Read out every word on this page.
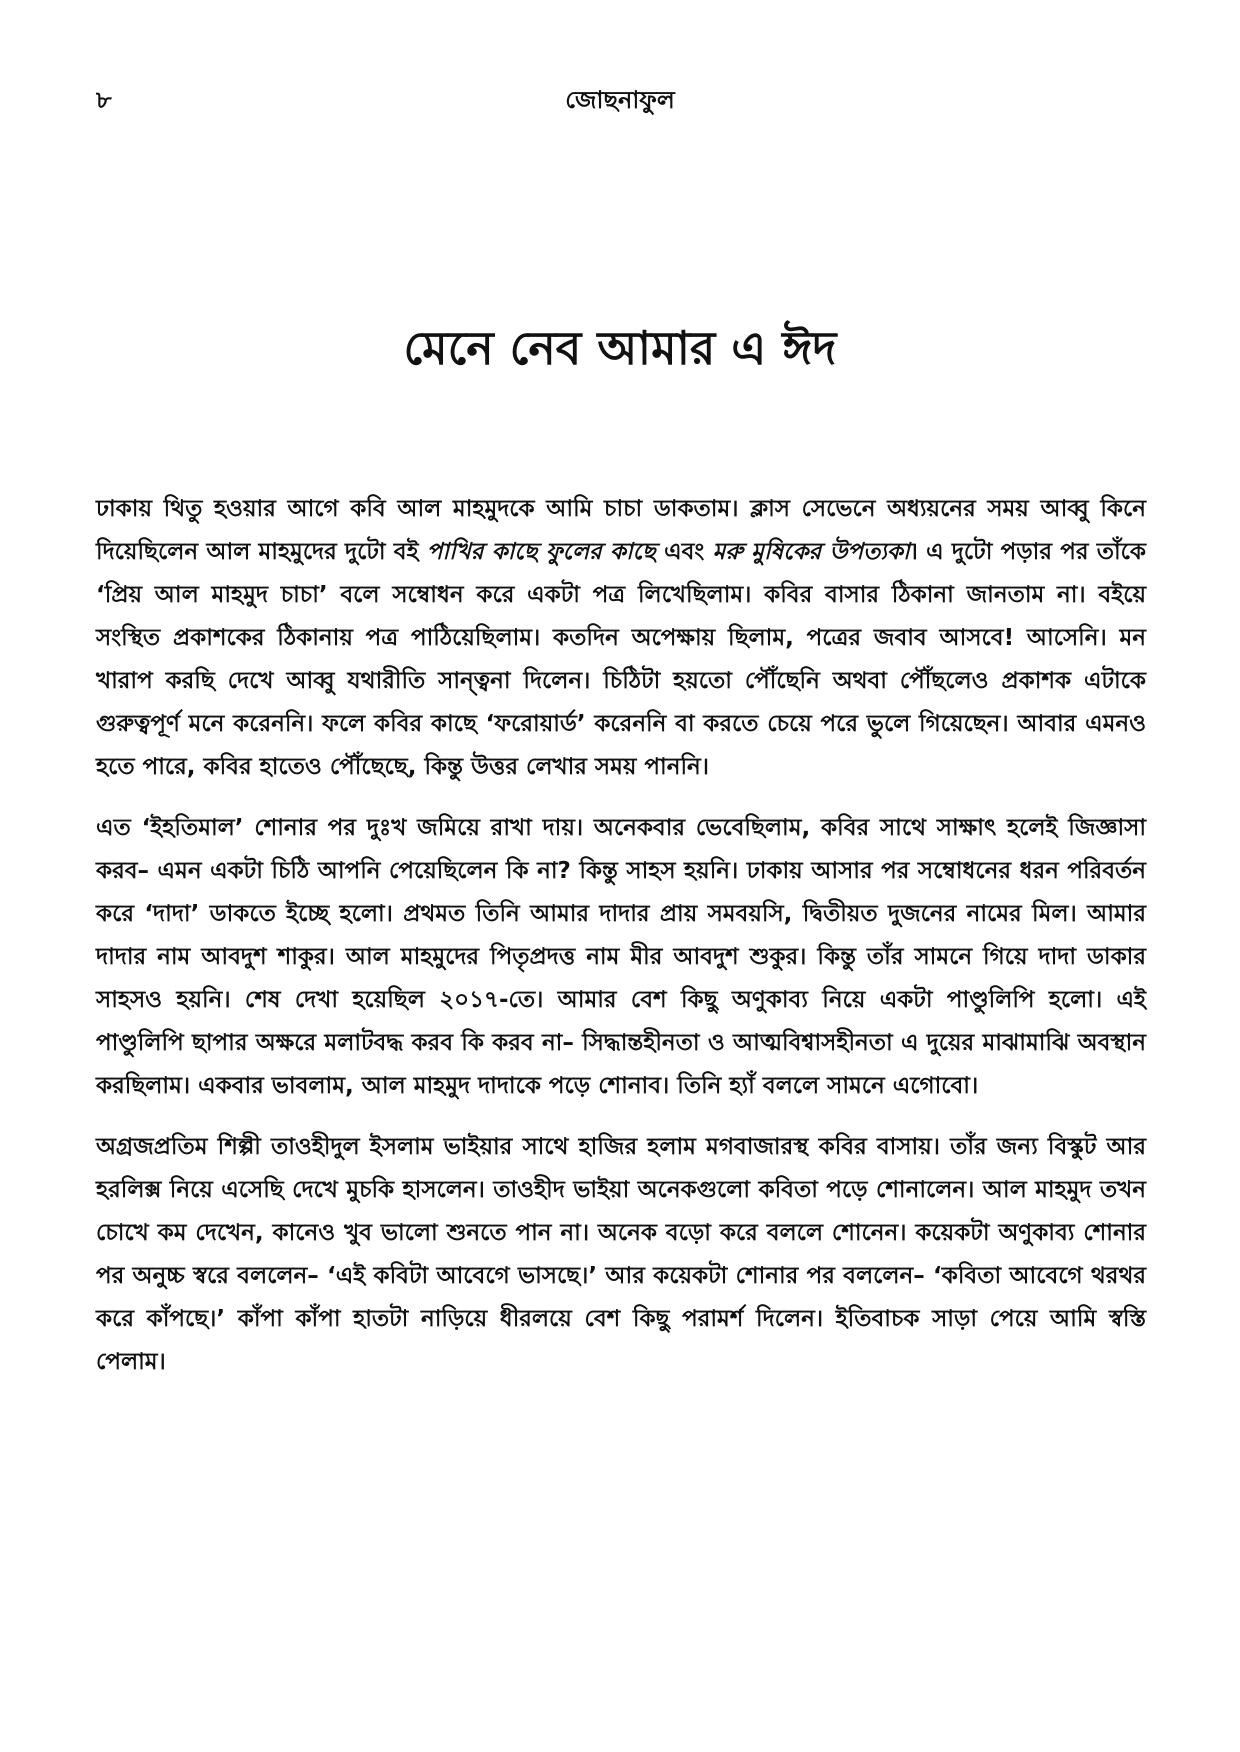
৮	জোছনাফুল
মেনে নেব আমার এ ঈদ

ঢাকায় থিতু হওয়ার আগে কবি আল মাহমুদকে আমি চাচা ডাকতাম। ক্লাস সেভেনে অধ্যয়নের সময় আব্বু কিনে দিয়েছিলেন আল মাহমুদের দুটো বই পাখির কাছে ফুলের কাছে এবং মরু মুষিকের উপত্যকা। এ দুটো পড়ার পর তাঁকে ‘প্রিয় আল মাহমুদ চাচা’ বলে সম্বোধন করে একটা পত্র লিখেছিলাম। কবির বাসার ঠিকানা জানতাম না। বইয়ে সংস্থিত প্রকাশকের ঠিকানায় পত্র পাঠিয়েছিলাম। কতদিন অপেক্ষায় ছিলাম, পত্রের জবাব আসবে! আসেনি। মন খারাপ করছি দেখে আব্বু যথারীতি সান্ত্বনা দিলেন। চিঠিটা হয়তো পৌঁছেনি অথবা পৌঁছলেও প্রকাশক এটাকে গুরুত্বপূর্ণ মনে করেননি। ফলে কবির কাছে ‘ফরোয়ার্ড’ করেননি বা করতে চেয়ে পরে ভুলে গিয়েছেন। আবার এমনও হতে পারে, কবির হাতেও পৌঁছেছে, কিন্তু উত্তর লেখার সময় পাননি।

এত ‘ইহতিমাল’ শোনার পর দুঃখ জমিয়ে রাখা দায়। অনেকবার ভেবেছিলাম, কবির সাথে সাক্ষাৎ হলেই জিজ্ঞাসা করব– এমন একটা চিঠি আপনি পেয়েছিলেন কি না? কিন্তু সাহস হয়নি। ঢাকায় আসার পর সম্বোধনের ধরন পরিবর্তন করে ‘দাদা’ ডাকতে ইচ্ছে হলো। প্রথমত তিনি আমার দাদার প্রায় সমবয়সি, দ্বিতীয়ত দুজনের নামের মিল। আমার দাদার নাম আবদুশ শাকুর। আল মাহমুদের পিতৃপ্রদত্ত নাম মীর আবদুশ শুকুর। কিন্তু তাঁর সামনে গিয়ে দাদা ডাকার সাহসও হয়নি। শেষ দেখা হয়েছিল ২০১৭-তে। আমার বেশ কিছু অণুকাব্য নিয়ে একটা পাণ্ডুলিপি হলো। এই পাণ্ডুলিপি ছাপার অক্ষরে মলাটবদ্ধ করব কি করব না– সিদ্ধান্তহীনতা ও আত্মবিশ্বাসহীনতা এ দুয়ের মাঝামাঝি অবস্থান করছিলাম। একবার ভাবলাম, আল মাহমুদ দাদাকে পড়ে শোনাব। তিনি হ্যাঁ বললে সামনে এগোবো।

অগ্রজপ্রতিম শিল্পী তাওহীদুল ইসলাম ভাইয়ার সাথে হাজির হলাম মগবাজারস্থ কবির বাসায়। তাঁর জন্য বিস্কুট আর হরলিক্স নিয়ে এসেছি দেখে মুচকি হাসলেন। তাওহীদ ভাইয়া অনেকগুলো কবিতা পড়ে শোনালেন। আল মাহমুদ তখন চোখে কম দেখেন, কানেও খুব ভালো শুনতে পান না। অনেক বড়ো করে বললে শোনেন। কয়েকটা অণুকাব্য শোনার পর অনুচ্চ স্বরে বললেন– ‘এই কবিটা আবেগে ভাসছে।’ আর কয়েকটা শোনার পর বললেন– ‘কবিতা আবেগে থরথর করে কাঁপছে।’ কাঁপা কাঁপা হাতটা নাড়িয়ে ধীরলয়ে বেশ কিছু পরামর্শ দিলেন। ইতিবাচক সাড়া পেয়ে আমি স্বস্তি পেলাম।
